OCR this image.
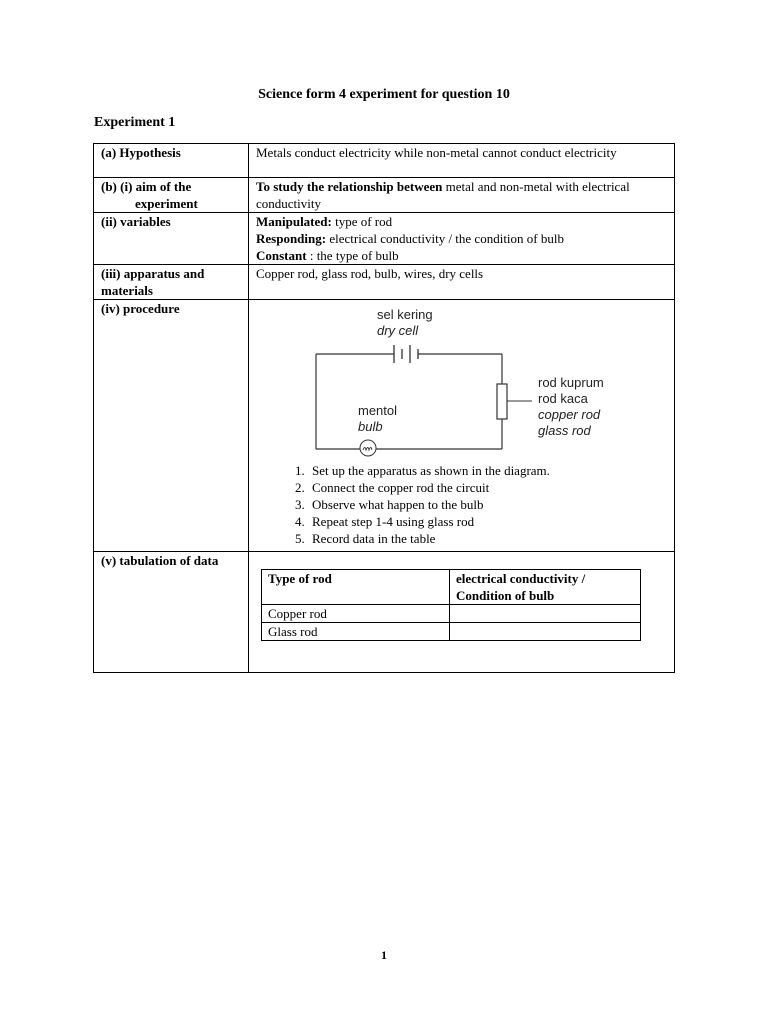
Science form 4 experiment for question 10
Experiment 1
(a) Hypothesis	Metals conduct electricity while non-metal cannot conduct electricity
(b) (i) aim of the
experiment
	To study the relationship between metal and non-metal with electrical conductivity
(ii) variables	Manipulated: type of rod
Responding: electrical conductivity / the condition of bulb
Constant : the type of bulb

(iii) apparatus and materials	Copper rod, glass rod, bulb, wires, dry cells
(iv) procedure	sel kering
dry cell
mentol
bulb
rod kuprum
rod kaca
copper rod
glass rod
1. Set up the apparatus as shown in the diagram.
2. Connect the copper rod the circuit
3. Observe what happen to the bulb
4. Repeat step 1-4 using glass rod
5. Record data in the table

(v) tabulation of data	
Type of rod	electrical conductivity / Condition of bulb
Copper rod	
Glass rod	
1
